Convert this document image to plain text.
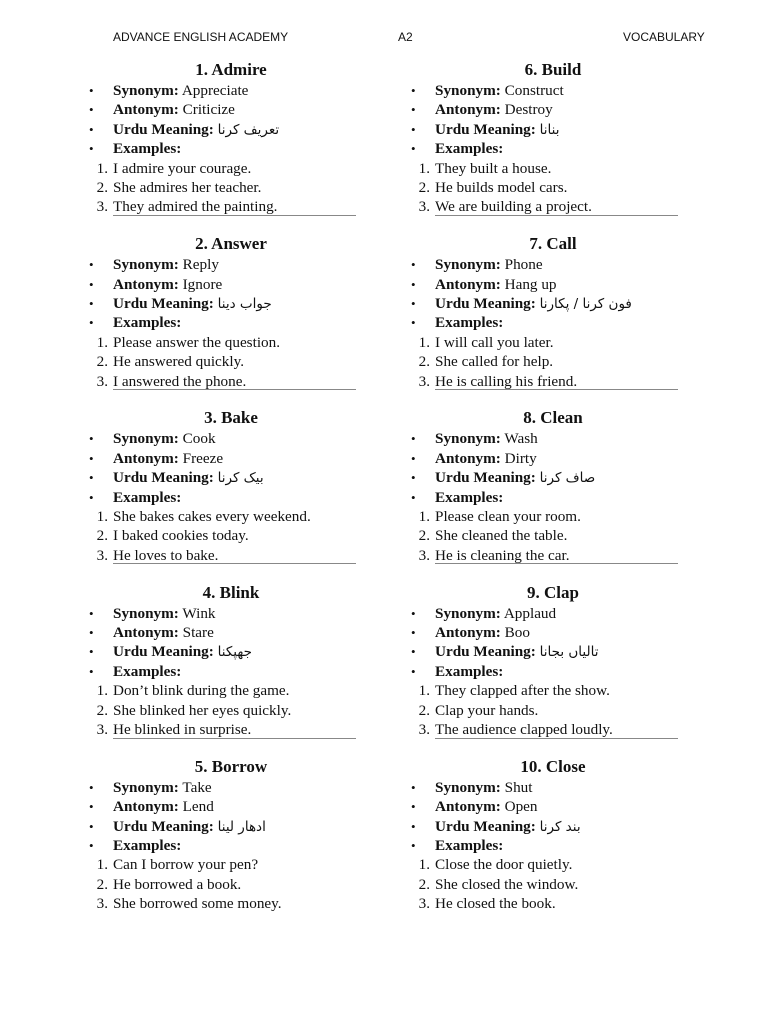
ADVANCE ENGLISH ACADEMY	A2	VOCABULARY
1. Admire
•	Synonym: Appreciate
•	Antonym: Criticize
•	Urdu Meaning: تعریف کرنا
•	Examples:
1. I admire your courage.
2. She admires her teacher.
3. They admired the painting.
2. Answer
•	Synonym: Reply
•	Antonym: Ignore
•	Urdu Meaning: جواب دینا
•	Examples:
1. Please answer the question.
2. He answered quickly.
3. I answered the phone.
3. Bake
•	Synonym: Cook
•	Antonym: Freeze
•	Urdu Meaning: بیک کرنا
•	Examples:
1. She bakes cakes every weekend.
2. I baked cookies today.
3. He loves to bake.
4. Blink
•	Synonym: Wink
•	Antonym: Stare
•	Urdu Meaning: جھپکنا
•	Examples:
1. Don’t blink during the game.
2. She blinked her eyes quickly.
3. He blinked in surprise.
5. Borrow
•	Synonym: Take
•	Antonym: Lend
•	Urdu Meaning: ادھار لینا
•	Examples:
1. Can I borrow your pen?
2. He borrowed a book.
3. She borrowed some money.
6. Build
•	Synonym: Construct
•	Antonym: Destroy
•	Urdu Meaning: بنانا
•	Examples:
1. They built a house.
2. He builds model cars.
3. We are building a project.
7. Call
•	Synonym: Phone
•	Antonym: Hang up
•	Urdu Meaning: فون کرنا / پکارنا
•	Examples:
1. I will call you later.
2. She called for help.
3. He is calling his friend.
8. Clean
•	Synonym: Wash
•	Antonym: Dirty
•	Urdu Meaning: صاف کرنا
•	Examples:
1. Please clean your room.
2. She cleaned the table.
3. He is cleaning the car.
9. Clap
•	Synonym: Applaud
•	Antonym: Boo
•	Urdu Meaning: تالیاں بجانا
•	Examples:
1. They clapped after the show.
2. Clap your hands.
3. The audience clapped loudly.
10. Close
•	Synonym: Shut
•	Antonym: Open
•	Urdu Meaning: بند کرنا
•	Examples:
1. Close the door quietly.
2. She closed the window.
3. He closed the book.
